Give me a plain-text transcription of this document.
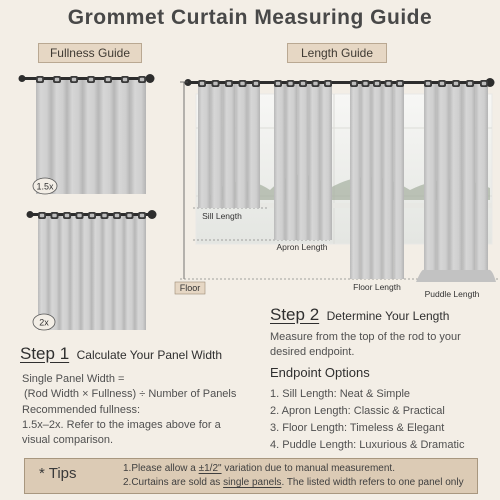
Grommet Curtain Measuring Guide
Fullness Guide	Length Guide
1.5x
2x
Floor
Sill Length
Apron Length
Floor Length
Puddle Length
Step 2 Determine Your Length
Measure from the top of the rod to your
desired endpoint.
Endpoint Options
1. Sill Length: Neat & Simple
2. Apron Length: Classic & Practical
3. Floor Length: Timeless & Elegant
4. Puddle Length: Luxurious & Dramatic
Step 1 Calculate Your Panel Width
Single Panel Width =
(Rod Width × Fullness) ÷ Number of Panels
Recommended fullness:
1.5x–2x. Refer to the images above for a
visual comparison.
* Tips	1.Please allow a ±1/2" variation due to manual measurement.
2.Curtains are sold as single panels. The listed width refers to one panel only
